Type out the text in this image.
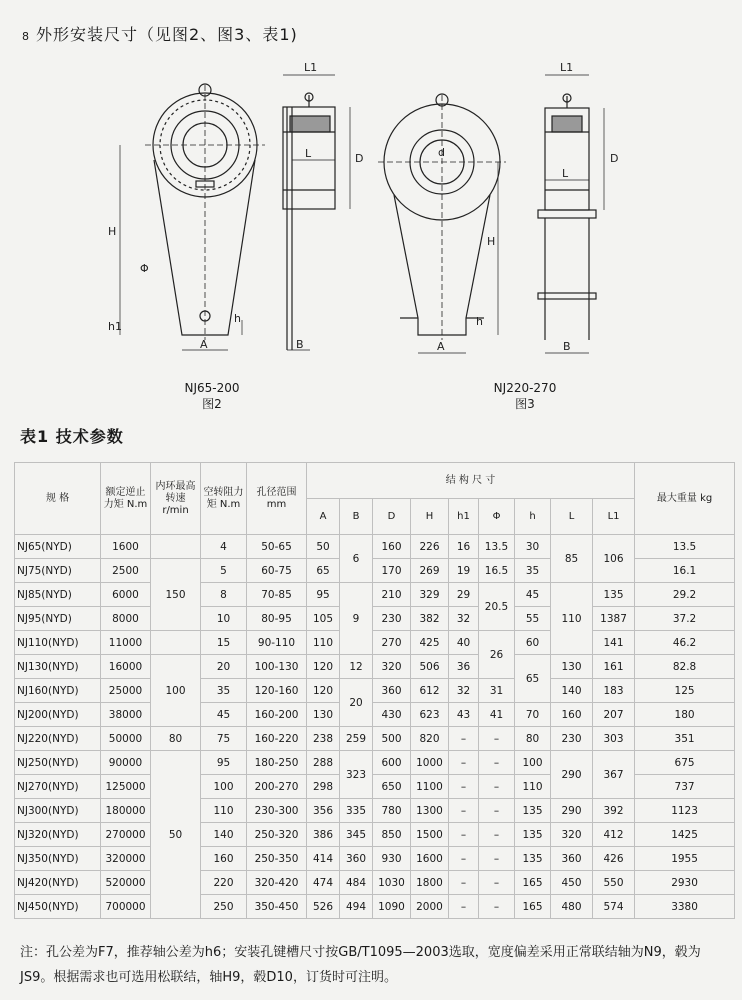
8 外形安装尺寸（见图2、图3、表1)
L1
L	D
H
Φ
h1
h
A	B
L1
L
D
H
h
A	B
d
NJ65-200
图2
NJ220-270
图3
表1 技术参数
规 格	额定逆止力矩 N.m	内环最高转速 r/min	空转阻力矩 N.m	孔径范围 mm	结 构 尺 寸									最大重量 kg
					A	B	D	H	h1	Φ	h	L	L1	
NJ65(NYD)	1600		4	50-65	50	6	160	226	16	13.5	30	85	106	13.5
NJ75(NYD)	2500	150	5	60-75	65		170	269	19	16.5	35			16.1
NJ85(NYD)	6000		8	70-85	95	9	210	329	29	20.5	45	110	135	29.2
NJ95(NYD)	8000		10	80-95	105		230	382	32		55		1387	37.2
NJ110(NYD)	11000		15	90-110	110		270	425	40	26	60		141	46.2
NJ130(NYD)	16000	100	20	100-130	120	12	320	506	36		65	130	161	82.8
NJ160(NYD)	25000		35	120-160	120	20	360	612	32	31		140	183	125
NJ200(NYD)	38000		45	160-200	130		430	623	43	41	70	160	207	180
NJ220(NYD)	50000	80	75	160-220	238	259	500	820	–	–	80	230	303	351
NJ250(NYD)	90000	50	95	180-250	288	323	600	1000	–	–	100	290	367	675
NJ270(NYD)	125000		100	200-270	298		650	1100	–	–	110			737
NJ300(NYD)	180000		110	230-300	356	335	780	1300	–	–	135	290	392	1123
NJ320(NYD)	270000		140	250-320	386	345	850	1500	–	–	135	320	412	1425
NJ350(NYD)	320000		160	250-350	414	360	930	1600	–	–	135	360	426	1955
NJ420(NYD)	520000		220	320-420	474	484	1030	1800	–	–	165	450	550	2930
NJ450(NYD)	700000		250	350-450	526	494	1090	2000	–	–	165	480	574	3380
注：孔公差为F7，推荐轴公差为h6；安装孔键槽尺寸按GB/T1095—2003选取，宽度偏差采用正常联结轴为N9，毂为JS9。根据需求也可选用松联结，轴H9，毂D10，订货时可注明。
